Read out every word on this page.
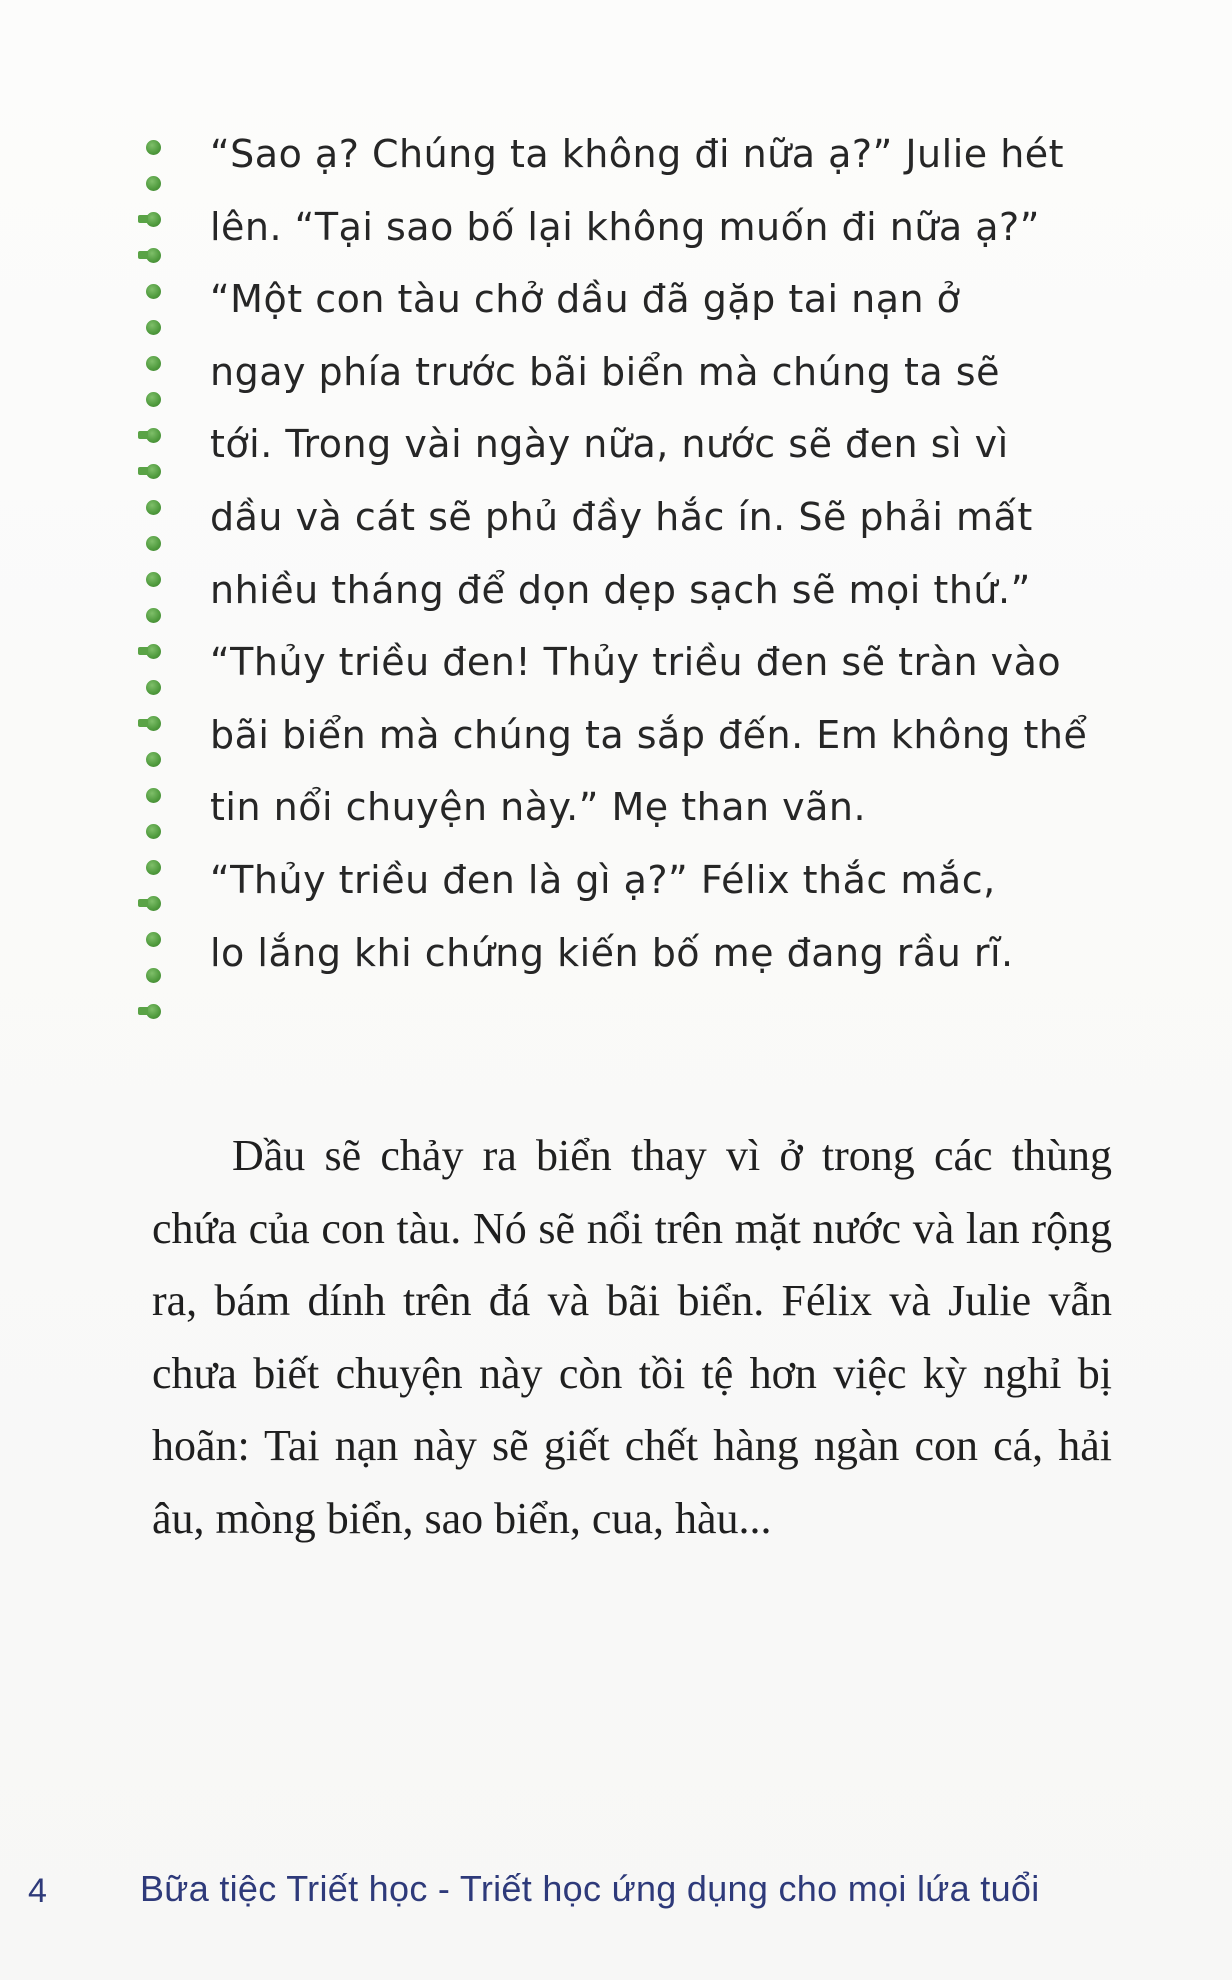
“Sao ạ? Chúng ta không đi nữa ạ?” Julie hét
lên. “Tại sao bố lại không muốn đi nữa ạ?”

“Một con tàu chở dầu đã gặp tai nạn ở
ngay phía trước bãi biển mà chúng ta sẽ
tới. Trong vài ngày nữa, nước sẽ đen sì vì
dầu và cát sẽ phủ đầy hắc ín. Sẽ phải mất
nhiều tháng để dọn dẹp sạch sẽ mọi thứ.”

“Thủy triều đen! Thủy triều đen sẽ tràn vào
bãi biển mà chúng ta sắp đến. Em không thể
tin nổi chuyện này.” Mẹ than vãn.

“Thủy triều đen là gì ạ?” Félix thắc mắc,
lo lắng khi chứng kiến bố mẹ đang rầu rĩ.

Dầu sẽ chảy ra biển thay vì ở trong các thùng chứa của con tàu. Nó sẽ nổi trên mặt nước và lan rộng ra, bám dính trên đá và bãi biển. Félix và Julie vẫn chưa biết chuyện này còn tồi tệ hơn việc kỳ nghỉ bị hoãn: Tai nạn này sẽ giết chết hàng ngàn con cá, hải âu, mòng biển, sao biển, cua, hàu...

4	Bữa tiệc Triết học - Triết học ứng dụng cho mọi lứa tuổi
